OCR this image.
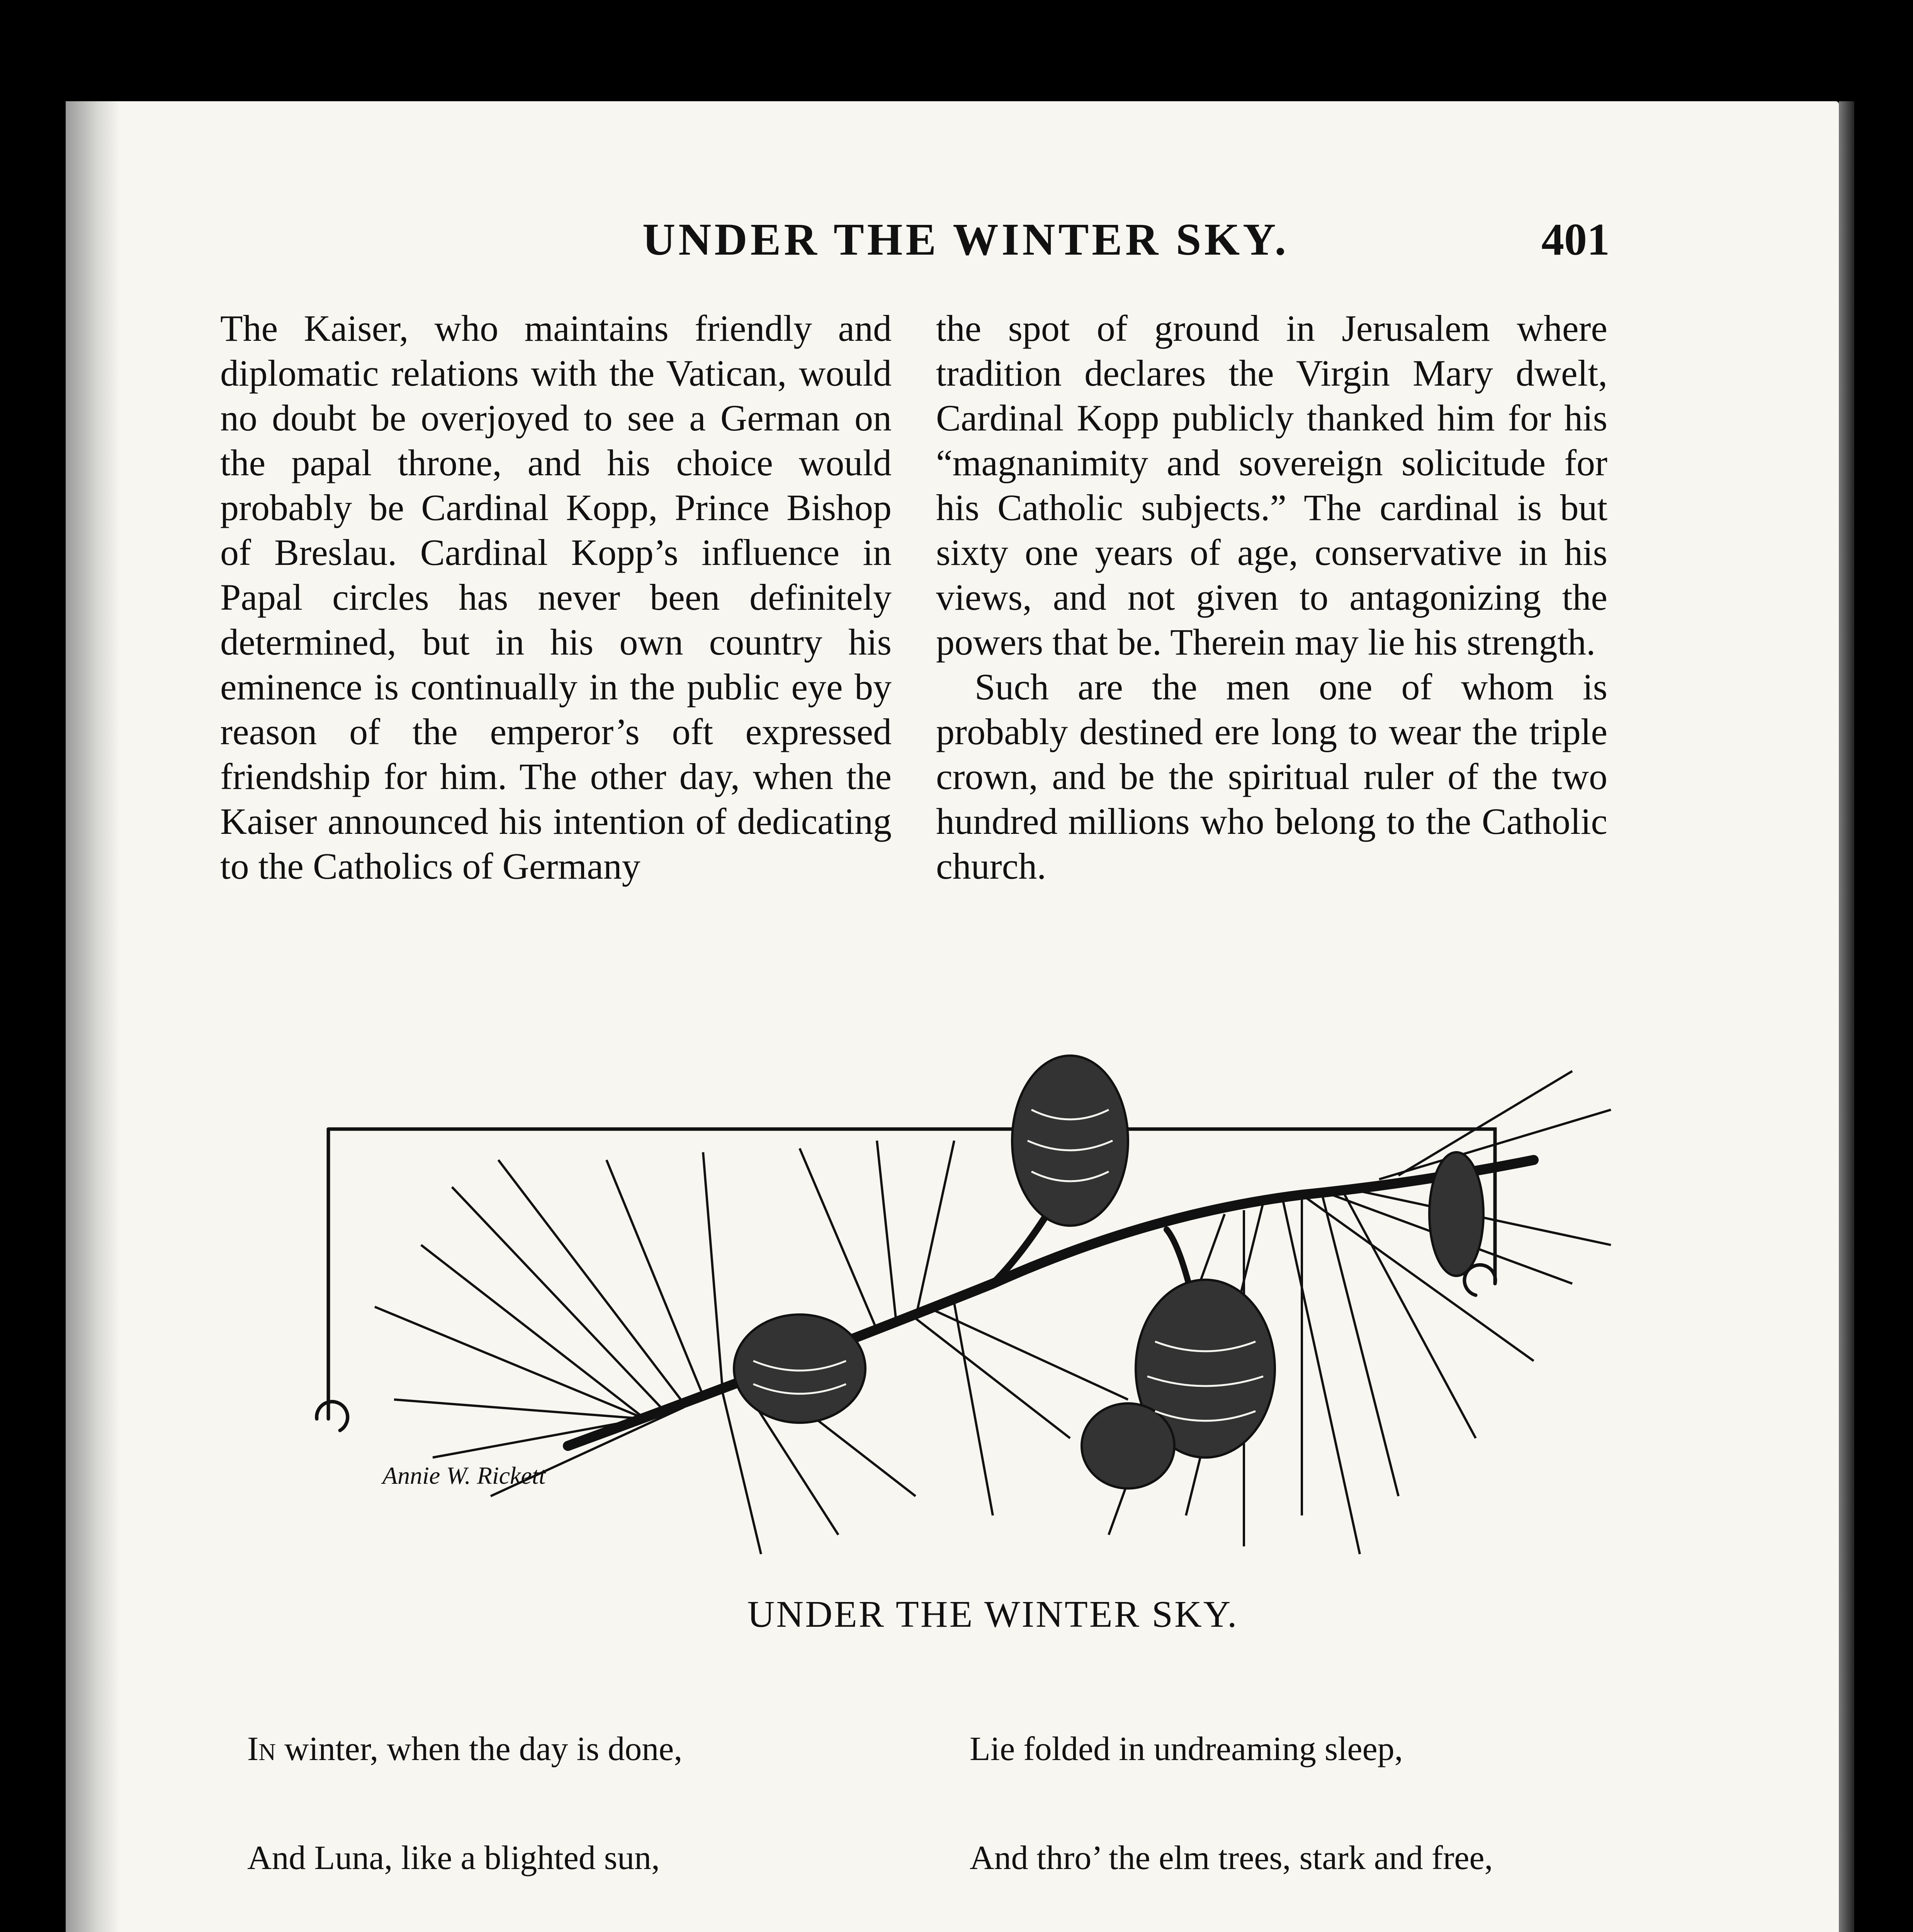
UNDER THE WINTER SKY.	401

The Kaiser, who maintains friendly and diplomatic relations with the Vatican, would no doubt be overjoyed to see a German on the papal throne, and his choice would probably be Cardinal Kopp, Prince Bishop of Breslau. Cardinal Kopp’s influence in Papal circles has never been definitely determined, but in his own country his eminence is continually in the public eye by reason of the emperor’s oft expressed friendship for him. The other day, when the Kaiser announced his intention of dedicating to the Catholics of Germany

the spot of ground in Jerusalem where tradition declares the Virgin Mary dwelt, Cardinal Kopp publicly thanked him for his “magnanimity and sovereign solicitude for his Catholic subjects.” The cardinal is but sixty one years of age, conservative in his views, and not given to antagonizing the powers that be. Therein may lie his strength.

Such are the men one of whom is probably destined ere long to wear the triple crown, and be the spiritual ruler of the two hundred millions who belong to the Catholic church.

Annie W. Rickett
UNDER THE WINTER SKY.

In winter, when the day is done,

And Luna, like a blighted sun,

Lie folded in undreaming sleep,

And thro’ the elm trees, stark and free,
